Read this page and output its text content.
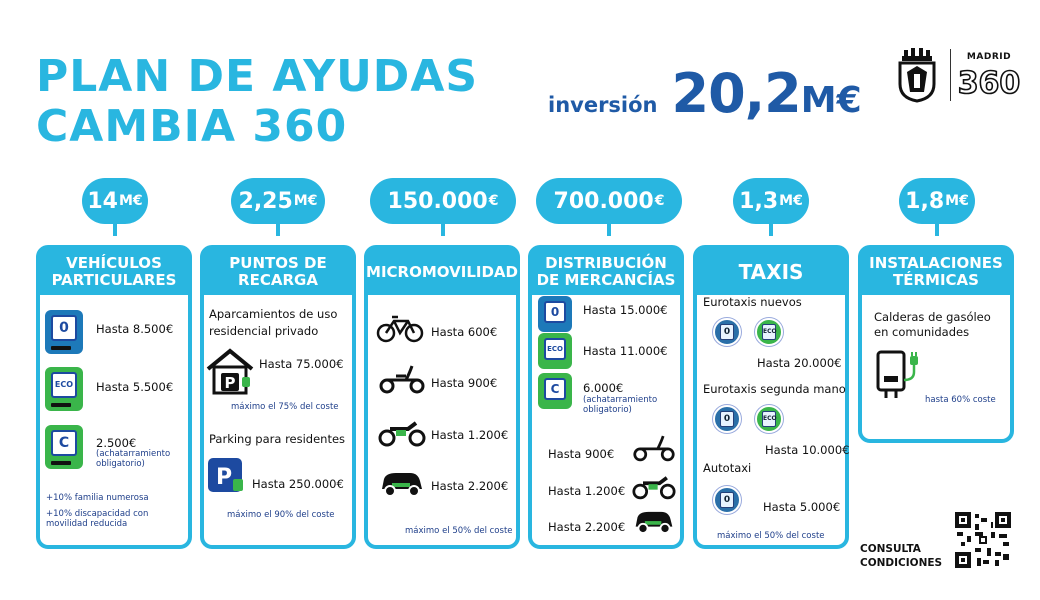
PLAN DE AYUDAS
CAMBIA 360	inversión 20,2 M€
MADRID
360
14 M€	2,25 M€	150.000 €	700.000 €	1,3 M€	1,8 M€
VEHÍCULOS PARTICULARES
0	Hasta 8.500€
ECO	Hasta 5.500€
C	2.500€
(achatarramiento obligatorio)
+10% familia numerosa
+10% discapacidad con movilidad reducida
PUNTOS DE RECARGA
Aparcamientos de uso residencial privado
P
Hasta 75.000€
máximo el 75% del coste
Parking para residentes
P Hasta 250.000€
máximo el 90% del coste
MICROMOVILIDAD
Hasta 600€
Hasta 900€
Hasta 1.200€
Hasta 2.200€
máximo el 50% del coste
DISTRIBUCIÓN DE MERCANCÍAS
0	Hasta 15.000€
ECO Hasta 11.000€
C	6.000€
(achatarramiento obligatorio)
Hasta 900€
Hasta 1.200€
Hasta 2.200€
TAXIS
Eurotaxis nuevos
0	ECO
Hasta 20.000€
Eurotaxis segunda mano
0	ECO
Hasta 10.000€
Autotaxi
0	Hasta 5.000€
máximo el 50% del coste
INSTALACIONES TÉRMICAS
Calderas de gasóleo en comunidades
hasta 60% coste
CONSULTA
CONDICIONES
